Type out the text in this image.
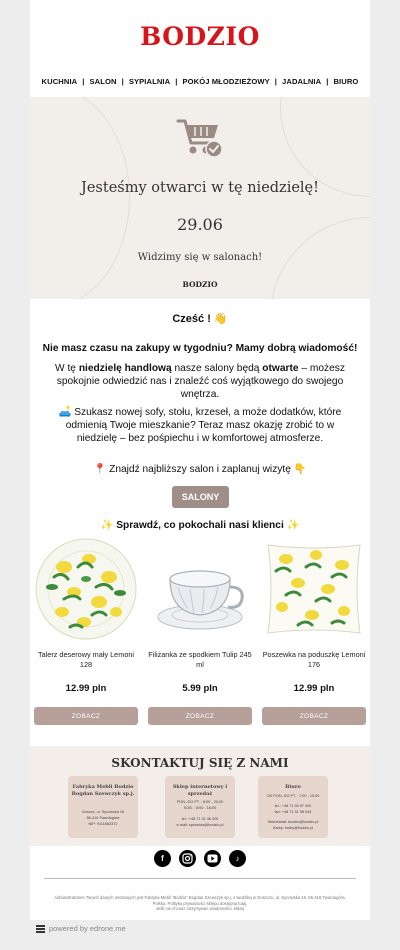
BODZIO
KUCHNIA | SALON | SYPIALNIA | POKÓJ MŁODZIEŻOWY | JADALNIA | BIURO
Jesteśmy otwarci w tę niedzielę!
29.06
Widzimy się w salonach!
BODZIO
Cześć ! 👋
Nie masz czasu na zakupy w tygodniu? Mamy dobrą wiadomość!
W tę niedzielę handlową nasze salony będą otwarte – możesz spokojnie odwiedzić nas i znaleźć coś wyjątkowego do swojego wnętrza.
🛋️ Szukasz nowej sofy, stołu, krzeseł, a może dodatków, które odmienią Twoje mieszkanie? Teraz masz okazję zrobić to w niedzielę – bez pośpiechu i w komfortowej atmosferze.
📍 Znajdź najbliższy salon i zaplanuj wizytę 👇
SALONY
✨ Sprawdź, co pokochali nasi klienci ✨
Talerz deserowy mały Lemoni 128
12.99 pln
ZOBACZ
Filiżanka ze spodkiem Tulip 245 ml
5.99 pln
ZOBACZ
Poszewka na poduszkę Lemoni 176
12.99 pln
ZOBACZ
SKONTAKTUJ SIĘ Z NAMI
Fabryka Mebli Bodzio Bogdan Szewczyk sp.j.
Goszcz, ul. Sycowska 16
56-416 Twardogóra
NIP: 9111652372
Sklep internetowy i sprzedaż
PON.-DO PT. : 8:00 - 20:00
SOB. : 8:00 - 16:00
tel.: +48 71 31 46 000
e-mail: sprzedaz@bodzio.pl
Biuro
OD PON. DO PT. : 7:00 - 15:00
tel.: +48 71 39 97 000
fax: +48 71 31 58 044
Sekretariat: bodzio@bodzio.pl
Kadry: kadry@bodzio.pl
f	♪
Administratorem Twoich danych osobowych jest Fabryka Mebli "Bodzio" Bogdan Szewczyk sp.j. z siedzibą w Goszczu, ul. Sycowska 16, 56-416 Twardogóra, Polska. Polityka prywatności sklepu dostępna tutaj.
Jeśli nie chcesz otrzymywać wiadomości, kliknij
powered by edrone.me
